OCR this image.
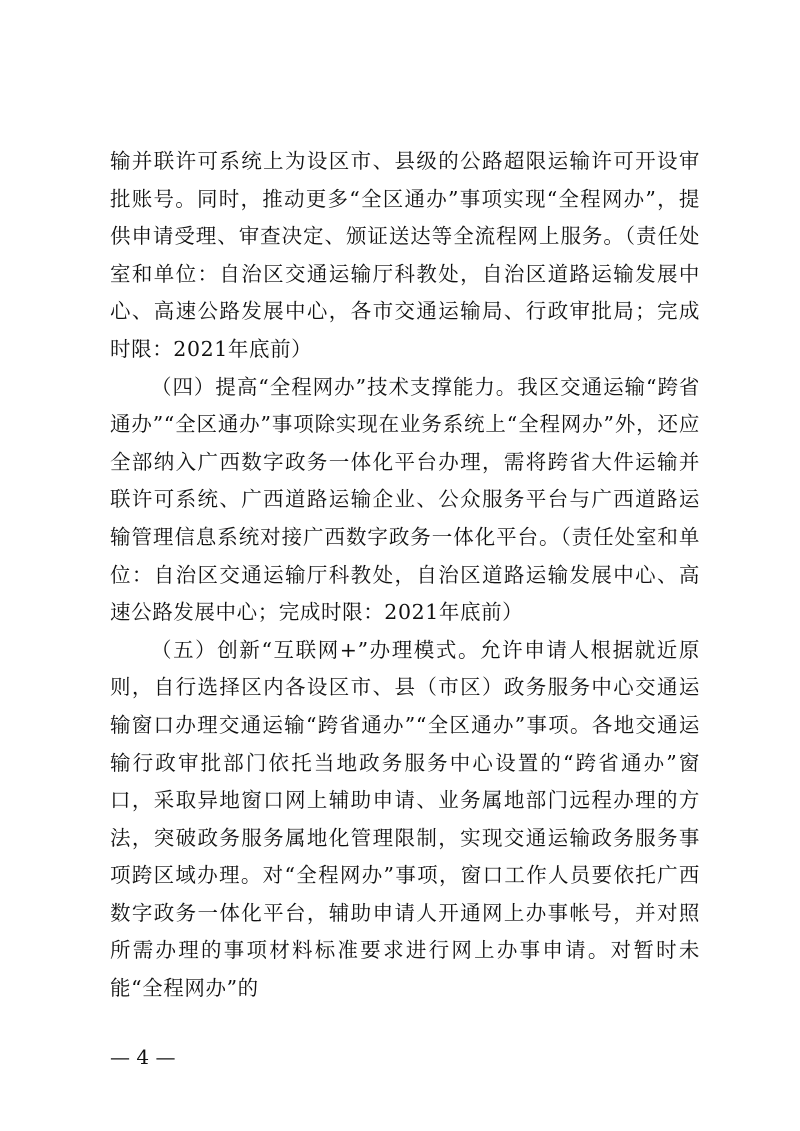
输并联许可系统上为设区市、县级的公路超限运输许可开设审批账号。同时，推动更多“全区通办”事项实现“全程网办”，提供申请受理、审查决定、颁证送达等全流程网上服务。（责任处室和单位：自治区交通运输厅科教处，自治区道路运输发展中心、高速公路发展中心，各市交通运输局、行政审批局；完成时限：2021年底前）

（四）提高“全程网办”技术支撑能力。我区交通运输“跨省通办”“全区通办”事项除实现在业务系统上“全程网办”外，还应全部纳入广西数字政务一体化平台办理，需将跨省大件运输并联许可系统、广西道路运输企业、公众服务平台与广西道路运输管理信息系统对接广西数字政务一体化平台。（责任处室和单位：自治区交通运输厅科教处，自治区道路运输发展中心、高速公路发展中心；完成时限：2021年底前）

（五）创新“互联网+”办理模式。允许申请人根据就近原则，自行选择区内各设区市、县（市区）政务服务中心交通运输窗口办理交通运输“跨省通办”“全区通办”事项。各地交通运输行政审批部门依托当地政务服务中心设置的“跨省通办”窗口，采取异地窗口网上辅助申请、业务属地部门远程办理的方法，突破政务服务属地化管理限制，实现交通运输政务服务事项跨区域办理。对“全程网办”事项，窗口工作人员要依托广西数字政务一体化平台，辅助申请人开通网上办事帐号，并对照所需办理的事项材料标准要求进行网上办事申请。对暂时未能“全程网办”的

— 4 —
